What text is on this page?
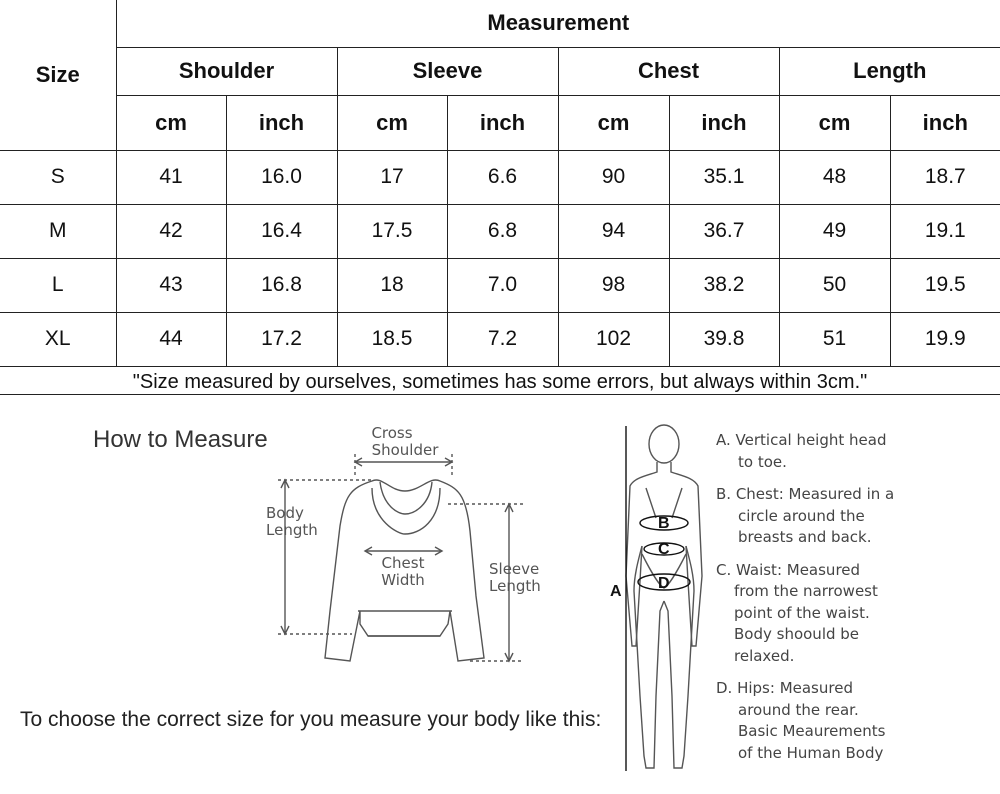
Size	Measurement							
	Shoulder		Sleeve		Chest		Length	
	cm	inch	cm	inch	cm	inch	cm	inch
S	41	16.0	17	6.6	90	35.1	48	18.7
M	42	16.4	17.5	6.8	94	36.7	49	19.1
L	43	16.8	18	7.0	98	38.2	50	19.5
XL	44	17.2	18.5	7.2	102	39.8	51	19.9
"Size measured by ourselves, sometimes has some errors, but always within 3cm."
How to Measure	Cross Shoulder
Body Length
Chest Width
Sleeve Length
To choose the correct size for you measure your body like this:
A
B
C
D
A. Vertical height head
to toe.
B. Chest: Measured in a
circle around the
breasts and back.
C. Waist: Measured
from the narrowest
point of the waist.
Body shoould be
relaxed.
D. Hips: Measured
around the rear.
Basic Meaurements
of the Human Body
